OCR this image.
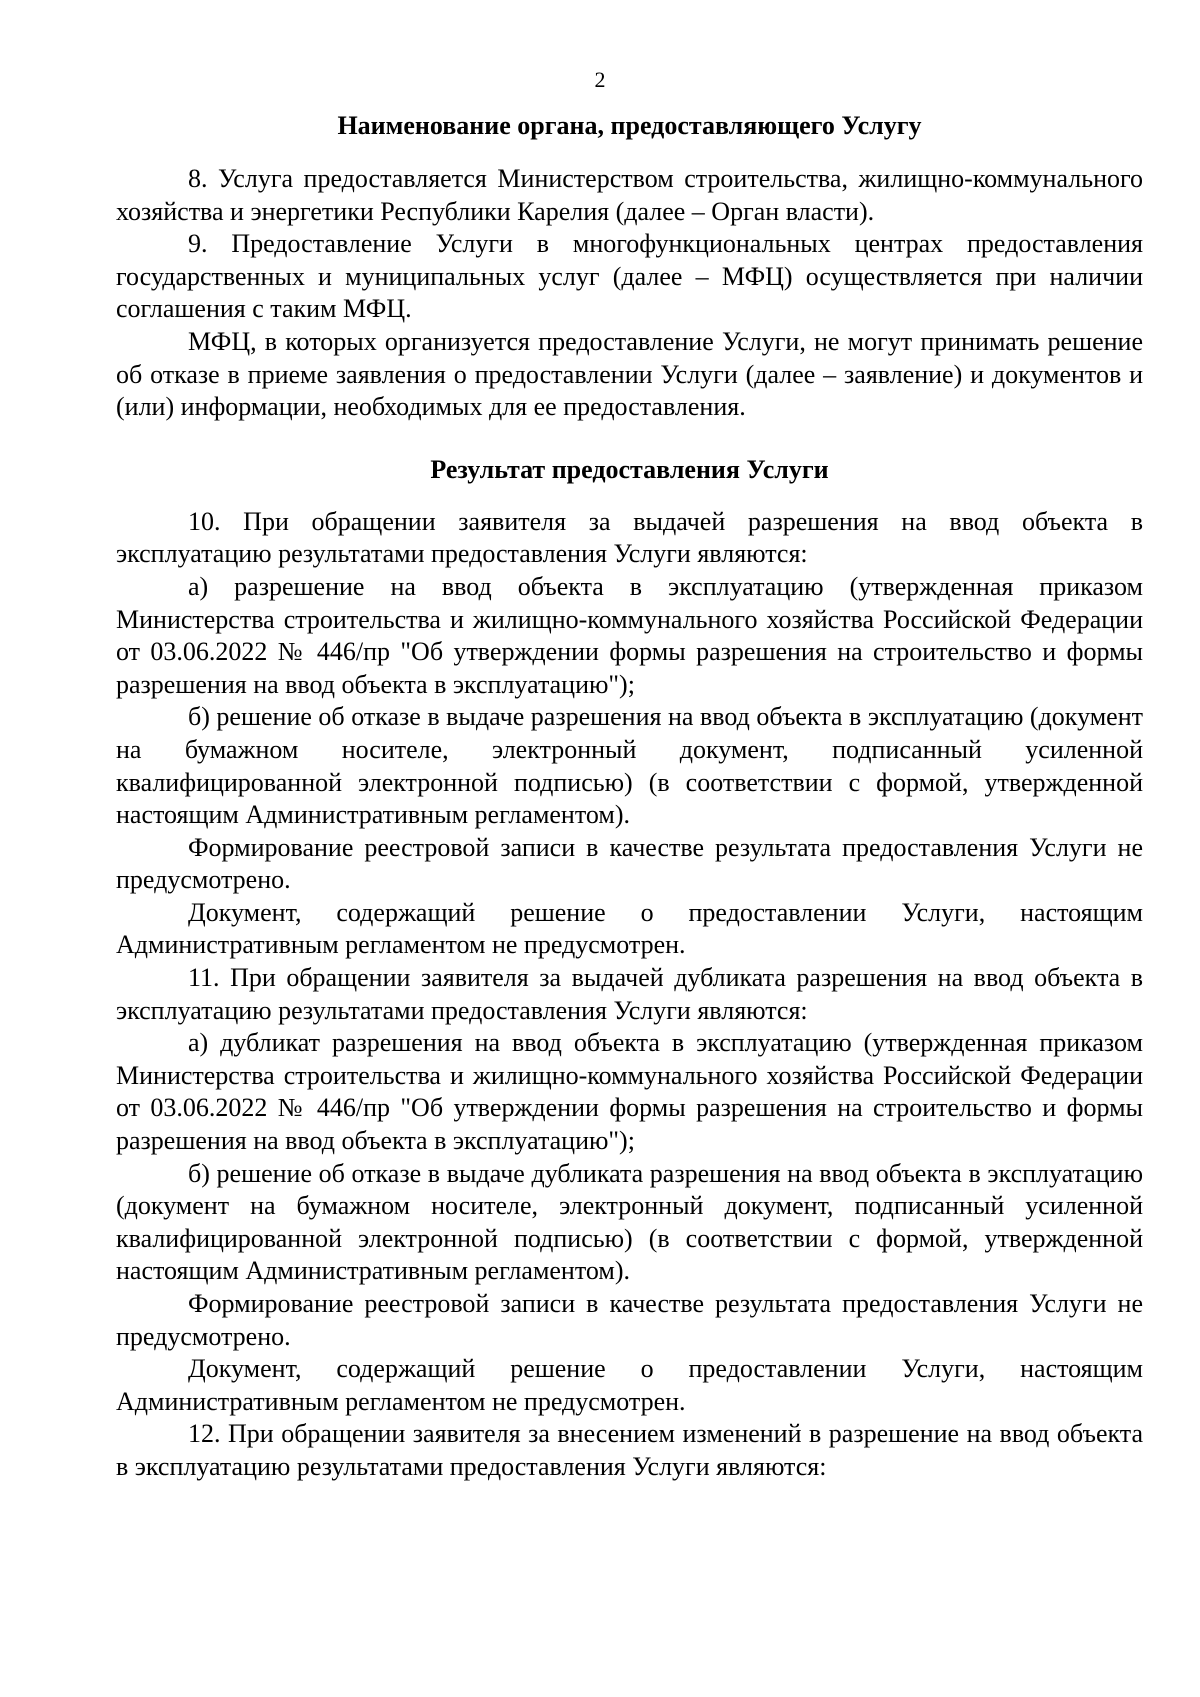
2
Наименование органа, предоставляющего Услугу

8. Услуга предоставляется Министерством строительства, жилищно-коммунального хозяйства и энергетики Республики Карелия (далее – Орган власти).

9. Предоставление Услуги в многофункциональных центрах предоставления государственных и муниципальных услуг (далее – МФЦ) осуществляется при наличии соглашения с таким МФЦ.

МФЦ, в которых организуется предоставление Услуги, не могут принимать решение об отказе в приеме заявления о предоставлении Услуги (далее – заявление) и документов и (или) информации, необходимых для ее предоставления.

Результат предоставления Услуги

10. При обращении заявителя за выдачей разрешения на ввод объекта в эксплуатацию результатами предоставления Услуги являются:

а) разрешение на ввод объекта в эксплуатацию (утвержденная приказом Министерства строительства и жилищно-коммунального хозяйства Российской Федерации от 03.06.2022 № 446/пр "Об утверждении формы разрешения на строительство и формы разрешения на ввод объекта в эксплуатацию");

б) решение об отказе в выдаче разрешения на ввод объекта в эксплуатацию (документ на бумажном носителе, электронный документ, подписанный усиленной квалифицированной электронной подписью) (в соответствии с формой, утвержденной настоящим Административным регламентом).

Формирование реестровой записи в качестве результата предоставления Услуги не предусмотрено.

Документ, содержащий решение о предоставлении Услуги, настоящим Административным регламентом не предусмотрен.

11. При обращении заявителя за выдачей дубликата разрешения на ввод объекта в эксплуатацию результатами предоставления Услуги являются:

а) дубликат разрешения на ввод объекта в эксплуатацию (утвержденная приказом Министерства строительства и жилищно-коммунального хозяйства Российской Федерации от 03.06.2022 № 446/пр "Об утверждении формы разрешения на строительство и формы разрешения на ввод объекта в эксплуатацию");

б) решение об отказе в выдаче дубликата разрешения на ввод объекта в эксплуатацию (документ на бумажном носителе, электронный документ, подписанный усиленной квалифицированной электронной подписью) (в соответствии с формой, утвержденной настоящим Административным регламентом).

Формирование реестровой записи в качестве результата предоставления Услуги не предусмотрено.

Документ, содержащий решение о предоставлении Услуги, настоящим Административным регламентом не предусмотрен.

12. При обращении заявителя за внесением изменений в разрешение на ввод объекта в эксплуатацию результатами предоставления Услуги являются:
